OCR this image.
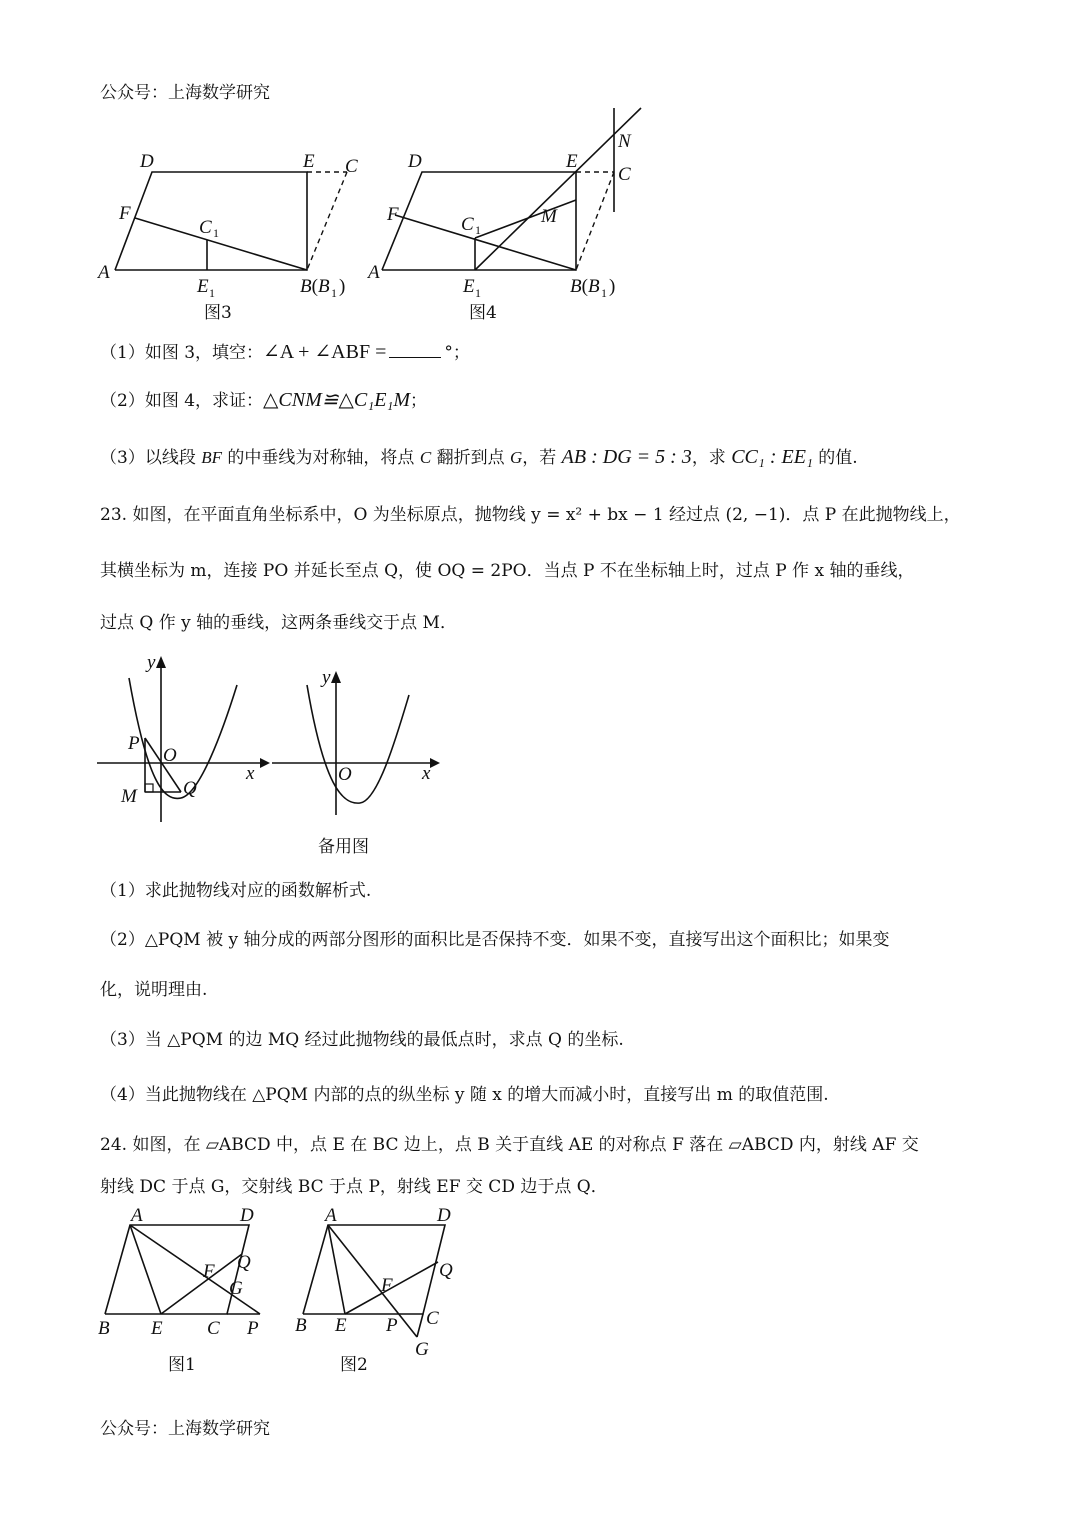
公众号：上海数学研究
D	E C
F
C 1
A
E 1	B(B 1 )
图3
D	E
N
C
M
F	C 1
A
E 1	B(B 1 )
图4
（1）如图 3，填空：∠A + ∠ABF =	°；
（2）如图 4，求证：△CNM≌△C₁E₁M；
（3）以线段 BF 的中垂线为对称轴，将点 C 翻折到点 G，若 AB : DG = 5 : 3，求 CC₁ : EE₁ 的值.
23. 如图，在平面直角坐标系中，O 为坐标原点，抛物线 y = x² + bx − 1 经过点 (2, −1)．点 P 在此抛物线上，
其横坐标为 m，连接 PO 并延长至点 Q，使 OQ = 2PO．当点 P 不在坐标轴上时，过点 P 作 x 轴的垂线，
过点 Q 作 y 轴的垂线，这两条垂线交于点 M．
y
P
O
x
M Q
y
O	x
备用图
（1）求此抛物线对应的函数解析式.
（2）△PQM 被 y 轴分成的两部分图形的面积比是否保持不变．如果不变，直接写出这个面积比；如果变
化，说明理由.
（3）当 △PQM 的边 MQ 经过此抛物线的最低点时，求点 Q 的坐标.
（4）当此抛物线在 △PQM 内部的点的纵坐标 y 随 x 的增大而减小时，直接写出 m 的取值范围.
24. 如图，在 ▱ABCD 中，点 E 在 BC 边上，点 B 关于直线 AE 的对称点 F 落在 ▱ABCD 内，射线 AF 交
射线 DC 于点 G，交射线 BC 于点 P，射线 EF 交 CD 边于点 Q．
A	D
F Q
G
B E C P
图1
A	D
F
Q
B E P C
G
图2
公众号：上海数学研究
